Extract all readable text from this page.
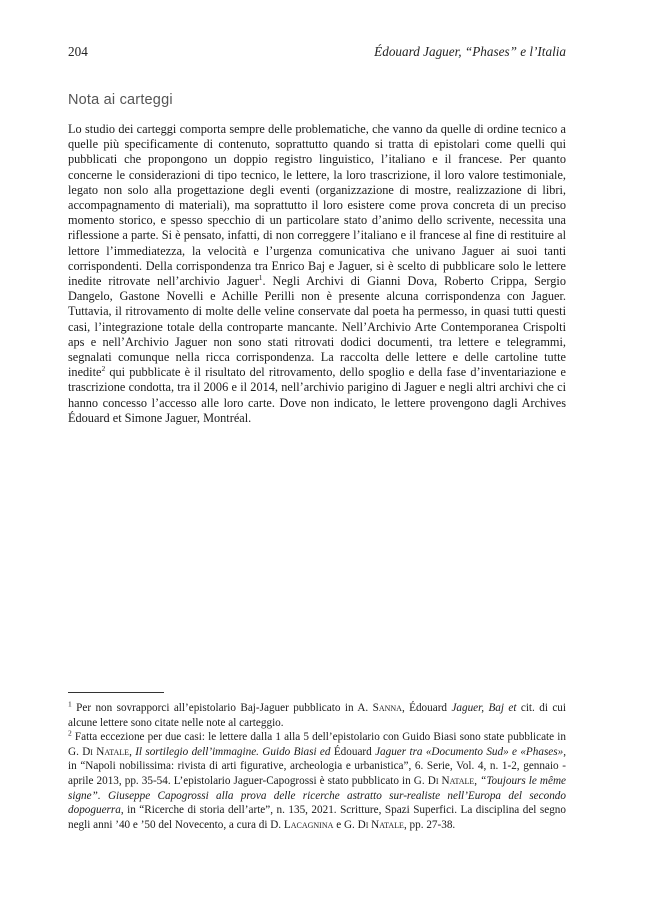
204	Édouard Jaguer, “Phases” e l’Italia
Nota ai carteggi

Lo studio dei carteggi comporta sempre delle problematiche, che vanno da quelle di ordine tecnico a quelle più specificamente di contenuto, soprattutto quando si tratta di epistolari come quelli qui pubblicati che propongono un doppio registro linguistico, l’italiano e il francese. Per quanto concerne le considerazioni di tipo tecnico, le lettere, la loro trascrizione, il loro valore testimoniale, legato non solo alla progettazione degli eventi (organizzazione di mostre, realizzazione di libri, accompagnamento di materiali), ma soprattutto il loro esistere come prova concreta di un preciso momento storico, e spesso specchio di un particolare stato d’animo dello scrivente, necessita una riflessione a parte. Si è pensato, infatti, di non correggere l’italiano e il francese al fine di restituire al lettore l’immediatezza, la velocità e l’urgenza comunicativa che univano Jaguer ai suoi tanti corrispondenti. Della corrispondenza tra Enrico Baj e Jaguer, si è scelto di pubblicare solo le lettere inedite ritrovate nell’archivio Jaguer$^1$. Negli Archivi di Gianni Dova, Roberto Crippa, Sergio Dangelo, Gastone Novelli e Achille Perilli non è presente alcuna corrispondenza con Jaguer. Tuttavia, il ritrovamento di molte delle veline conservate dal poeta ha permesso, in quasi tutti questi casi, l’integrazione totale della controparte mancante. Nell’Archivio Arte Contemporanea Crispolti aps e nell’Archivio Jaguer non sono stati ritrovati dodici documenti, tra lettere e telegrammi, segnalati comunque nella ricca corrispondenza. La raccolta delle lettere e delle cartoline tutte inedite$^2$ qui pubblicate è il risultato del ritrovamento, dello spoglio e della fase d’inventariazione e trascrizione condotta, tra il 2006 e il 2014, nell’archivio parigino di Jaguer e negli altri archivi che ci hanno concesso l’accesso alle loro carte. Dove non indicato, le lettere provengono dagli Archives Édouard et Simone Jaguer, Montréal.

$^1$ Per non sovrapporci all’epistolario Baj-Jaguer pubblicato in A. Sanna, Édouard Jaguer, Baj et cit. di cui alcune lettere sono citate nelle note al carteggio.

$^2$ Fatta eccezione per due casi: le lettere dalla 1 alla 5 dell’epistolario con Guido Biasi sono state pubblicate in G. Di Natale, Il sortilegio dell’immagine. Guido Biasi ed Édouard Jaguer tra «Documento Sud» e «Phases», in “Napoli nobilissima: rivista di arti figurative, archeologia e urbanistica”, 6. Serie, Vol. 4, n. 1-2, gennaio - aprile 2013, pp. 35-54. L’epistolario Jaguer-Capogrossi è stato pubblicato in G. Di Natale, “Toujours le même signe”. Giuseppe Capogrossi alla prova delle ricerche astratto sur-realiste nell’Europa del secondo dopoguerra, in “Ricerche di storia dell’arte”, n. 135, 2021. Scritture, Spazi Superfici. La disciplina del segno negli anni ’40 e ’50 del Novecento, a cura di D. Lacagnina e G. Di Natale, pp. 27-38.
